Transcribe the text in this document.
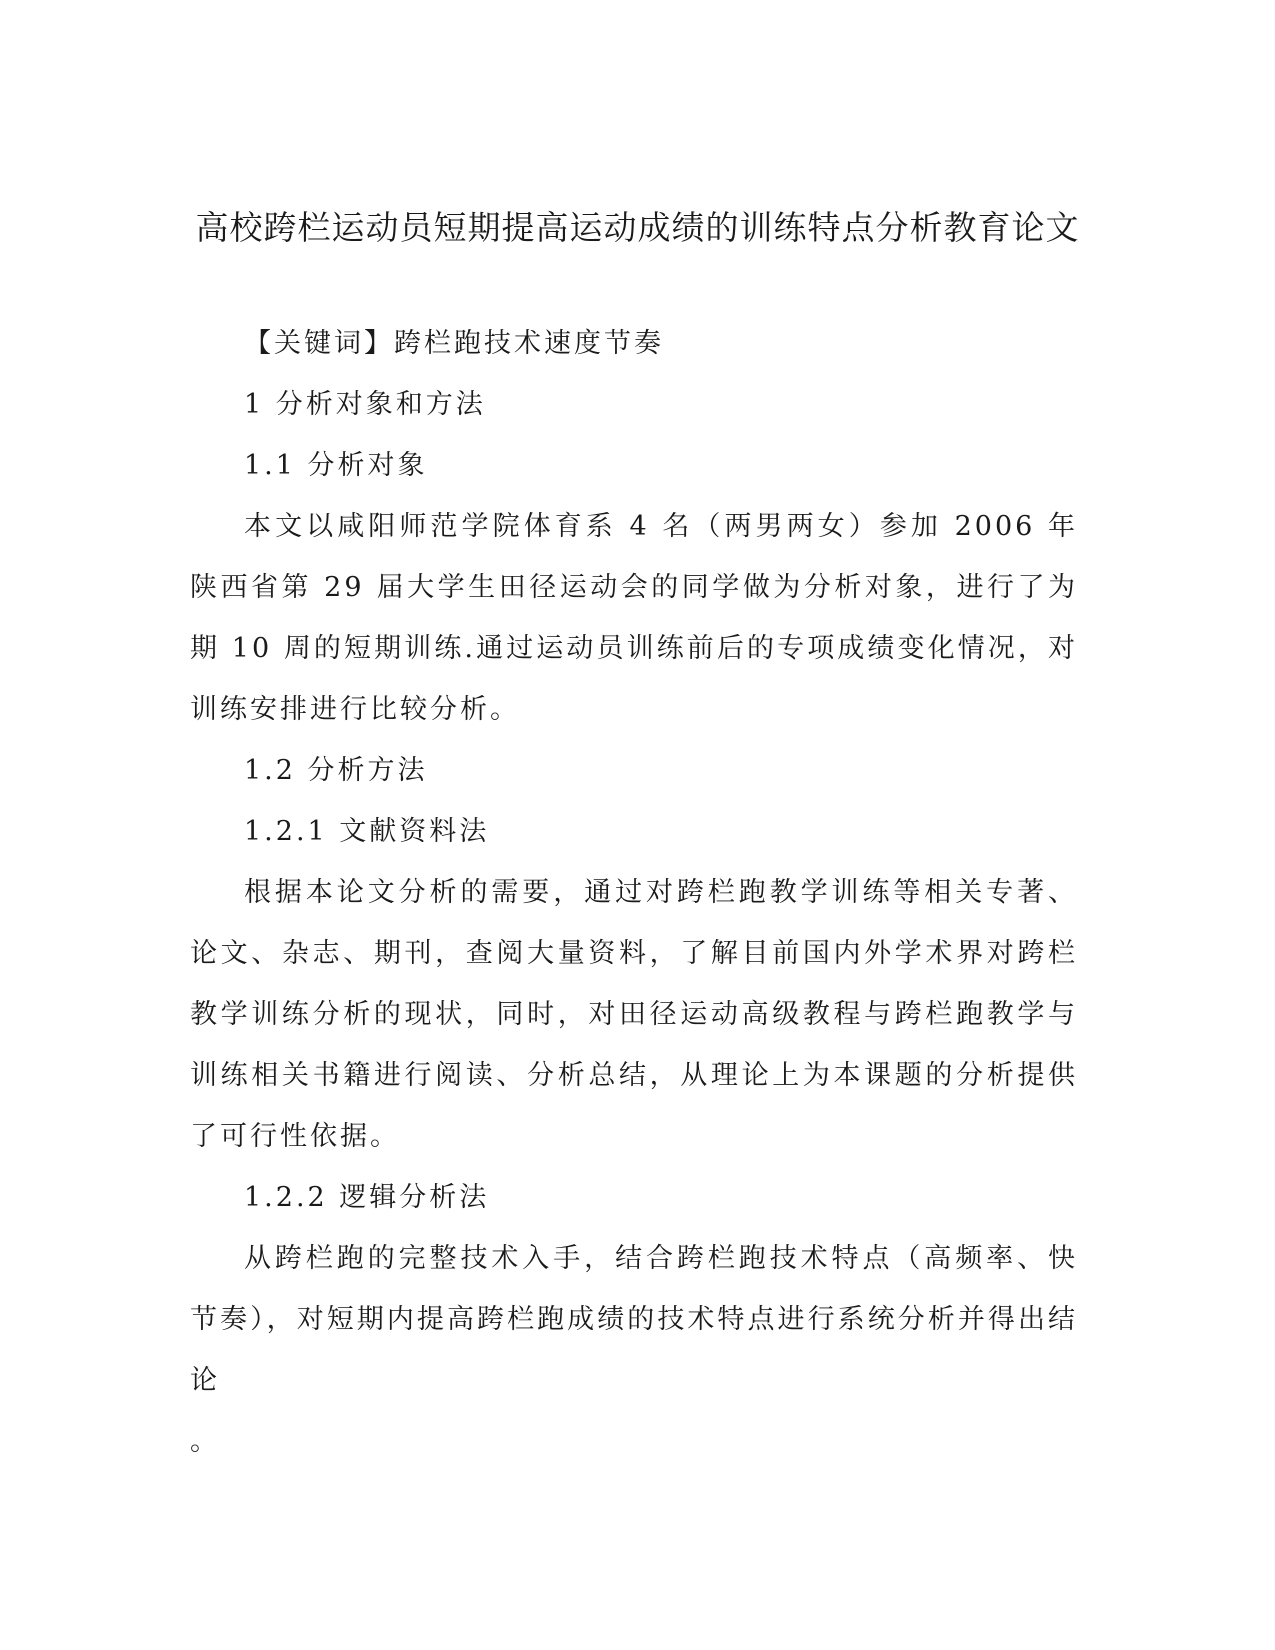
高校跨栏运动员短期提高运动成绩的训练特点分析教育论文

【关键词】跨栏跑技术速度节奏

1 分析对象和方法

1.1 分析对象

本文以咸阳师范学院体育系 4 名（两男两女）参加 2006 年陕西省第 29 届大学生田径运动会的同学做为分析对象，进行了为期 10 周的短期训练.通过运动员训练前后的专项成绩变化情况，对训练安排进行比较分析。

1.2 分析方法

1.2.1 文献资料法

根据本论文分析的需要，通过对跨栏跑教学训练等相关专著、论文、杂志、期刊，查阅大量资料，了解目前国内外学术界对跨栏教学训练分析的现状，同时，对田径运动高级教程与跨栏跑教学与训练相关书籍进行阅读、分析总结，从理论上为本课题的分析提供了可行性依据。

1.2.2 逻辑分析法

从跨栏跑的完整技术入手，结合跨栏跑技术特点（高频率、快节奏），对短期内提高跨栏跑成绩的技术特点进行系统分析并得出结论

。
